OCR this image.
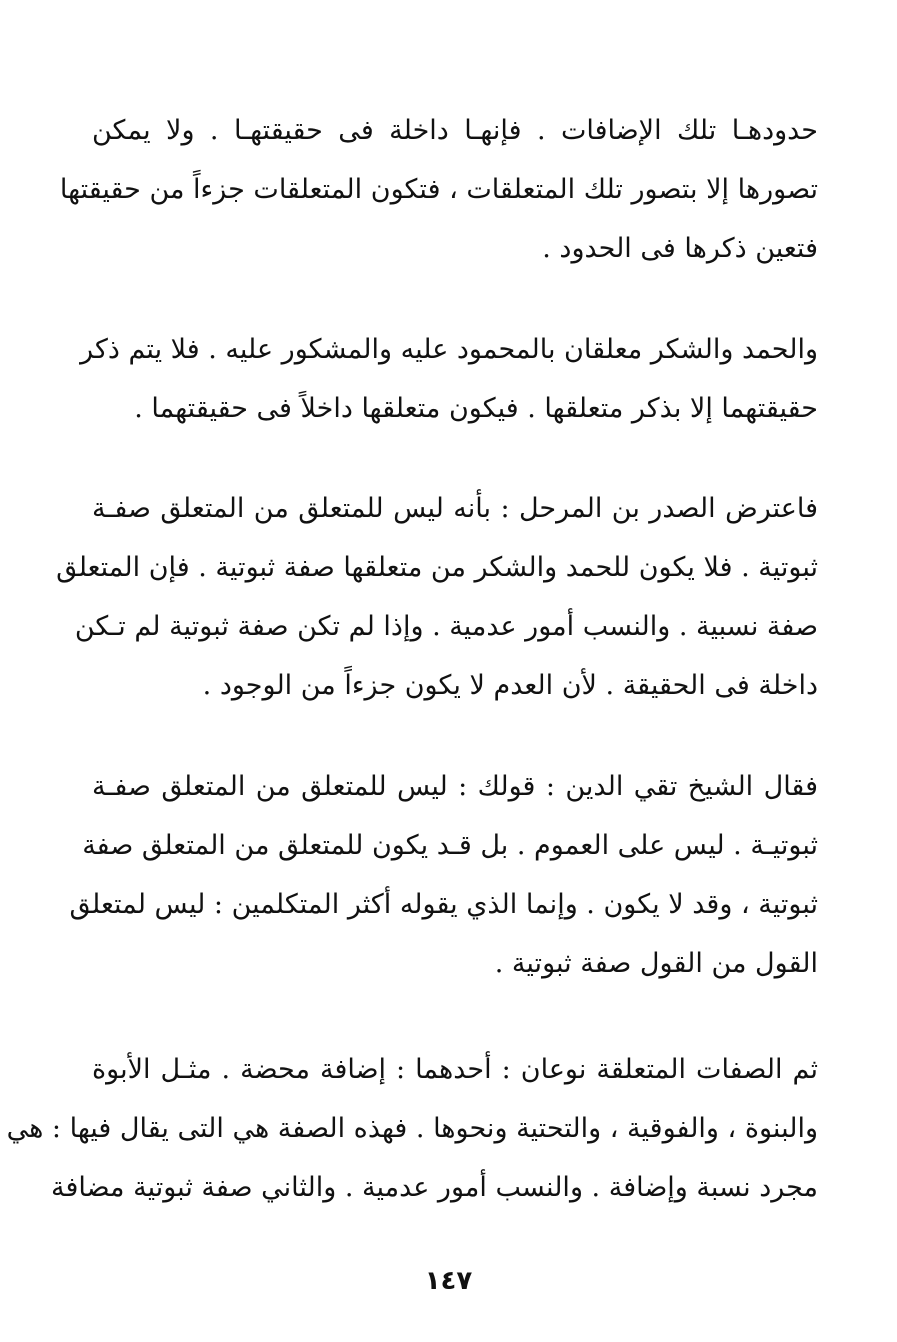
حدودهـا تلك الإضافات . فإنهـا داخلة فى حقيقتهـا . ولا يمكن
تصورها إلا بتصور تلك المتعلقات ، فتكون المتعلقات جزءاً من حقيقتها
فتعين ذكرها فى الحدود .
والحمد والشكر معلقان بالمحمود عليه والمشكور عليه . فلا يتم ذكر
حقيقتهما إلا بذكر متعلقها . فيكون متعلقها داخلاً فى حقيقتهما .
فاعترض الصدر بن المرحل : بأنه ليس للمتعلق من المتعلق صفـة
ثبوتية . فلا يكون للحمد والشكر من متعلقها صفة ثبوتية . فإن المتعلق
صفة نسبية . والنسب أمور عدمية . وإذا لم تكن صفة ثبوتية لم تـكن
داخلة فى الحقيقة . لأن العدم لا يكون جزءاً من الوجود .
فقال الشيخ تقي الدين : قولك : ليس للمتعلق من المتعلق صفـة
ثبوتيـة . ليس على العموم . بل قـد يكون للمتعلق من المتعلق صفة
ثبوتية ، وقد لا يكون . وإنما الذي يقوله أكثر المتكلمين : ليس لمتعلق
القول من القول صفة ثبوتية .
ثم الصفات المتعلقة نوعان : أحدهما : إضافة محضة . مثـل الأبوة
والبنوة ، والفوقية ، والتحتية ونحوها . فهذه الصفة هي التى يقال فيها : هي
مجرد نسبة وإضافة . والنسب أمور عدمية . والثاني صفة ثبوتية مضافة
١٤٧
